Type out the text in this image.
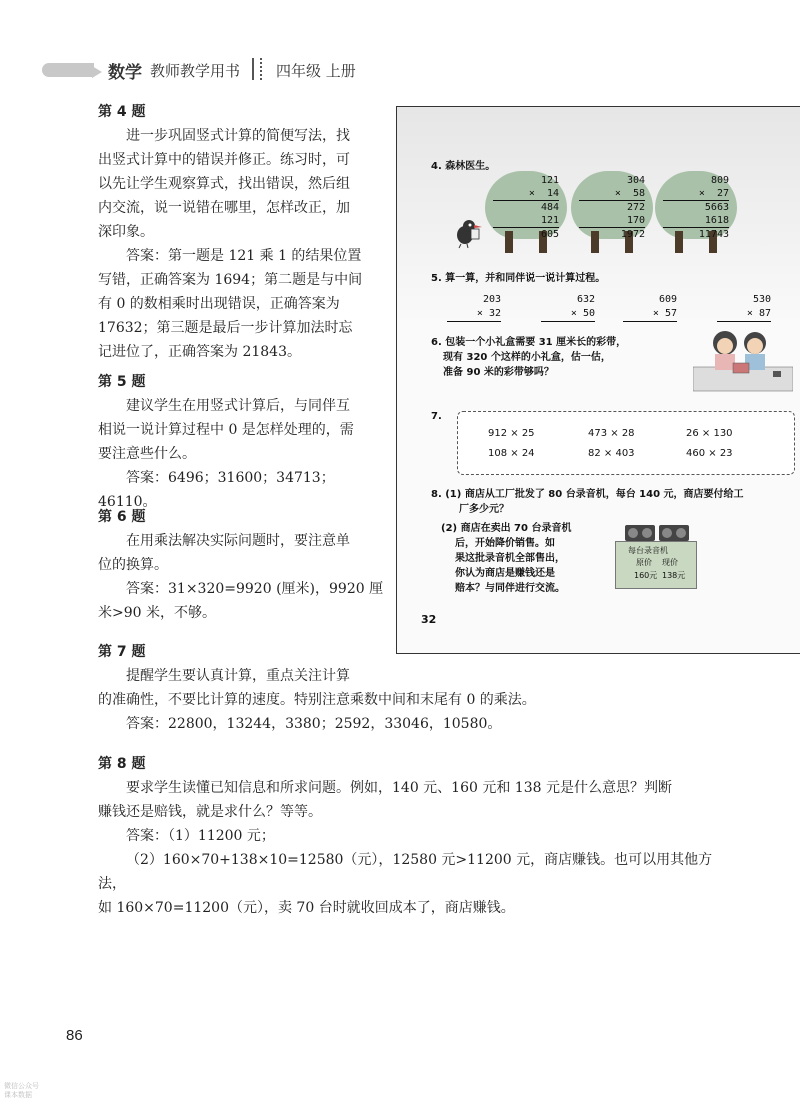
数学 教师教学用书 四年级 上册
第 4 题

进一步巩固竖式计算的简便写法，找

出竖式计算中的错误并修正。练习时，可

以先让学生观察算式，找出错误，然后组

内交流，说一说错在哪里，怎样改正，加

深印象。

答案：第一题是 121 乘 1 的结果位置

写错，正确答案为 1694；第二题是与中间

有 0 的数相乘时出现错误，正确答案为

17632；第三题是最后一步计算加法时忘

记进位了，正确答案为 21843。

第 5 题

建议学生在用竖式计算后，与同伴互

相说一说计算过程中 0 是怎样处理的，需

要注意些什么。

答案：6496；31600；34713；46110。

第 6 题

在用乘法解决实际问题时，要注意单

位的换算。

答案：31×320=9920 (厘米)，9920 厘

米>90 米，不够。

第 7 题

提醒学生要认真计算，重点关注计算

的准确性，不要比计算的速度。特别注意乘数中间和末尾有 0 的乘法。

答案：22800，13244，3380；2592，33046，10580。

第 8 题

要求学生读懂已知信息和所求问题。例如，140 元、160 元和 138 元是什么意思？判断

赚钱还是赔钱，就是求什么？等等。

答案：（1）11200 元；

（2）160×70+138×10=12580（元），12580 元>11200 元，商店赚钱。也可以用其他方法，

如 160×70=11200（元），卖 70 台时就收回成本了，商店赚钱。

4. 森林医生。
121
×  14
484
121
605
304
×  58
272
170
1972
809
×  27
5663
1618
11743
5. 算一算，并和同伴说一说计算过程。
203
× 32
632
× 50
609
× 57
530
× 87
6. 包装一个小礼盒需要 31 厘米长的彩带，
现有 320 个这样的小礼盒，估一估，
准备 90 米的彩带够吗？
7.
912 × 25	473 × 28	26 × 130
108 × 24	82 × 403	460 × 23
8. (1) 商店从工厂批发了 80 台录音机，每台 140 元，商店要付给工
厂多少元？
(2) 商店在卖出 70 台录音机
后，开始降价销售。如
果这批录音机全部售出，
你认为商店是赚钱还是
赔本？与同伴进行交流。
每台录音机
原价 现价
160元 138元
32
86
微信公众号
课本数据
